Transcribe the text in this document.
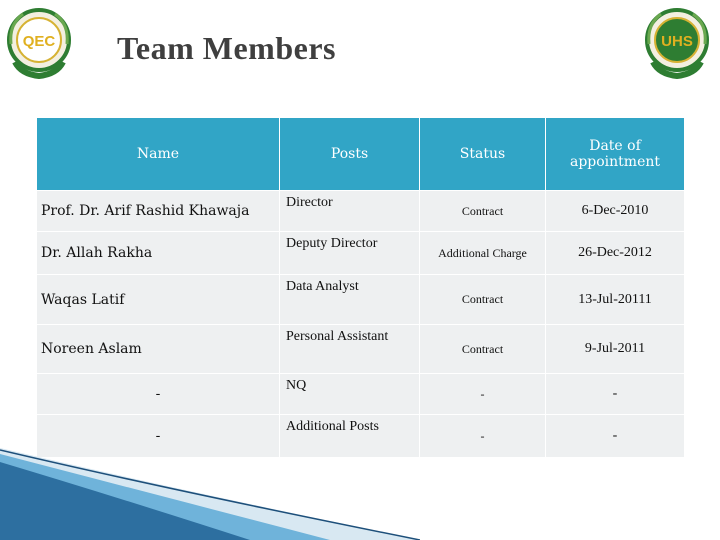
QEC	UHS
Team Members
Name	Posts	Status	Date of appointment
Prof. Dr. Arif Rashid Khawaja	Director	Contract	6-Dec-2010
Dr. Allah Rakha	Deputy Director	Additional Charge	26-Dec-2012
Waqas Latif	Data Analyst	Contract	13-Jul-20111
Noreen Aslam	Personal Assistant	Contract	9-Jul-2011
-	NQ	-	-
-	Additional Posts	-	-
